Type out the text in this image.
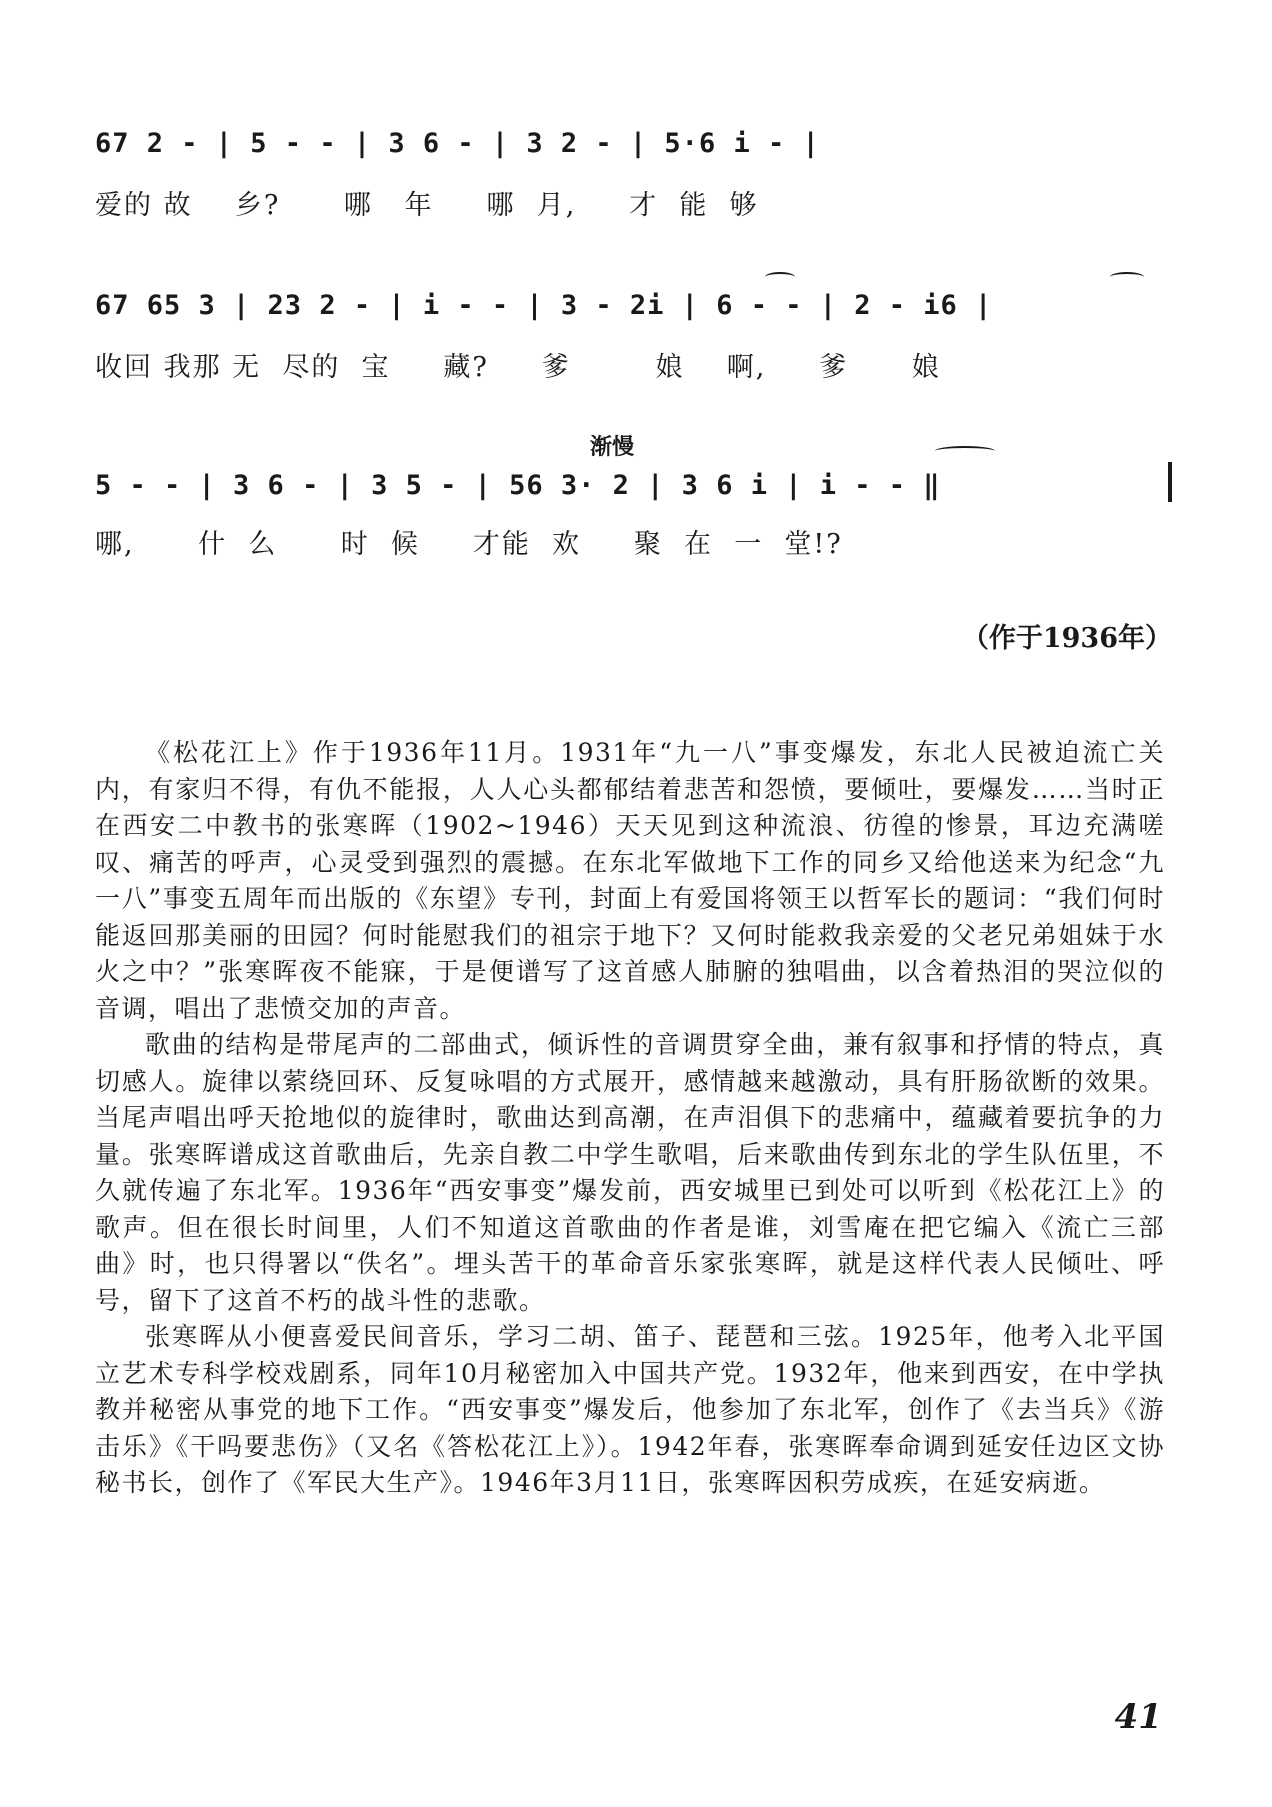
67 2 - | 5 - - | 3 6 - | 3 2 - | 5·6 i - |
爱的 故    乡?      哪   年     哪  月,     才  能  够
67 65 3 | 23 2 - | i - - | 3 - 2i | 6 - - | 2 - i6 |
收回 我那 无  尽的  宝     藏?     爹        娘    啊,     爹      娘
渐慢
5 - - | 3 6 - | 3 5 - | 56 3· 2 | 3 6 i | i - - ‖
哪,      什  么      时  候     才能  欢     聚  在  一  堂!?
（作于1936年）

《松花江上》作于1936年11月。1931年“九一八”事变爆发，东北人民被迫流亡关内，有家归不得，有仇不能报，人人心头都郁结着悲苦和怨愤，要倾吐，要爆发……当时正在西安二中教书的张寒晖（1902~1946）天天见到这种流浪、彷徨的惨景，耳边充满嗟叹、痛苦的呼声，心灵受到强烈的震撼。在东北军做地下工作的同乡又给他送来为纪念“九一八”事变五周年而出版的《东望》专刊，封面上有爱国将领王以哲军长的题词：“我们何时能返回那美丽的田园？何时能慰我们的祖宗于地下？又何时能救我亲爱的父老兄弟姐妹于水火之中？”张寒晖夜不能寐，于是便谱写了这首感人肺腑的独唱曲，以含着热泪的哭泣似的音调，唱出了悲愤交加的声音。

歌曲的结构是带尾声的二部曲式，倾诉性的音调贯穿全曲，兼有叙事和抒情的特点，真切感人。旋律以萦绕回环、反复咏唱的方式展开，感情越来越激动，具有肝肠欲断的效果。当尾声唱出呼天抢地似的旋律时，歌曲达到高潮，在声泪俱下的悲痛中，蕴藏着要抗争的力量。张寒晖谱成这首歌曲后，先亲自教二中学生歌唱，后来歌曲传到东北的学生队伍里，不久就传遍了东北军。1936年“西安事变”爆发前，西安城里已到处可以听到《松花江上》的歌声。但在很长时间里，人们不知道这首歌曲的作者是谁，刘雪庵在把它编入《流亡三部曲》时，也只得署以“佚名”。埋头苦干的革命音乐家张寒晖，就是这样代表人民倾吐、呼号，留下了这首不朽的战斗性的悲歌。

张寒晖从小便喜爱民间音乐，学习二胡、笛子、琵琶和三弦。1925年，他考入北平国立艺术专科学校戏剧系，同年10月秘密加入中国共产党。1932年，他来到西安，在中学执教并秘密从事党的地下工作。“西安事变”爆发后，他参加了东北军，创作了《去当兵》《游击乐》《干吗要悲伤》（又名《答松花江上》）。1942年春，张寒晖奉命调到延安任边区文协秘书长，创作了《军民大生产》。1946年3月11日，张寒晖因积劳成疾，在延安病逝。

41
